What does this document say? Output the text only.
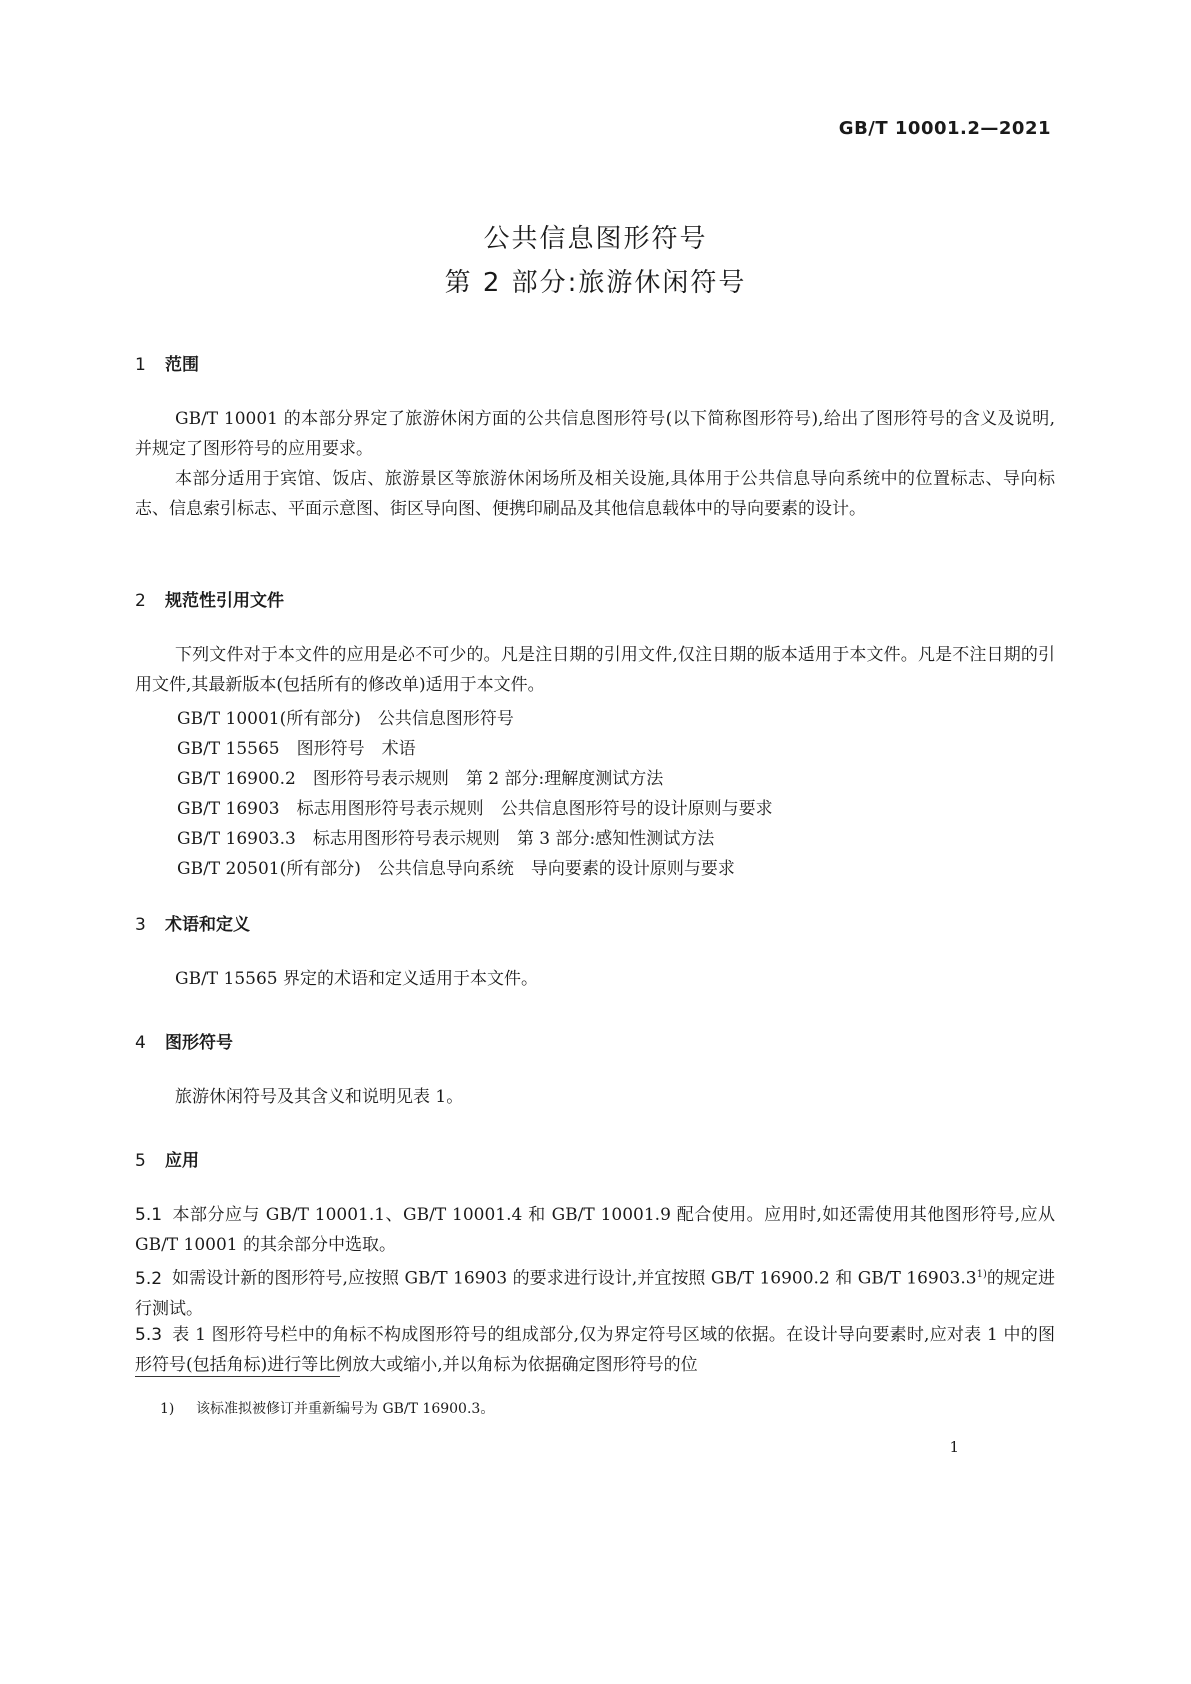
GB/T 10001.2—2021
公共信息图形符号
第 2 部分:旅游休闲符号
1 范围
GB/T 10001 的本部分界定了旅游休闲方面的公共信息图形符号(以下简称图形符号),给出了图形符号的含义及说明,并规定了图形符号的应用要求。
本部分适用于宾馆、饭店、旅游景区等旅游休闲场所及相关设施,具体用于公共信息导向系统中的位置标志、导向标志、信息索引标志、平面示意图、街区导向图、便携印刷品及其他信息载体中的导向要素的设计。
2 规范性引用文件
下列文件对于本文件的应用是必不可少的。凡是注日期的引用文件,仅注日期的版本适用于本文件。凡是不注日期的引用文件,其最新版本(包括所有的修改单)适用于本文件。
GB/T 10001(所有部分)　公共信息图形符号
GB/T 15565　图形符号　术语
GB/T 16900.2　图形符号表示规则　第 2 部分:理解度测试方法
GB/T 16903　标志用图形符号表示规则　公共信息图形符号的设计原则与要求
GB/T 16903.3　标志用图形符号表示规则　第 3 部分:感知性测试方法
GB/T 20501(所有部分)　公共信息导向系统　导向要素的设计原则与要求
3 术语和定义
GB/T 15565 界定的术语和定义适用于本文件。
4 图形符号
旅游休闲符号及其含义和说明见表 1。
5 应用
5.1 本部分应与 GB/T 10001.1、GB/T 10001.4 和 GB/T 10001.9 配合使用。应用时,如还需使用其他图形符号,应从 GB/T 10001 的其余部分中选取。
5.2 如需设计新的图形符号,应按照 GB/T 16903 的要求进行设计,并宜按照 GB/T 16900.2 和 GB/T 16903.3$^{1)}$的规定进行测试。
5.3 表 1 图形符号栏中的角标不构成图形符号的组成部分,仅为界定符号区域的依据。在设计导向要素时,应对表 1 中的图形符号(包括角标)进行等比例放大或缩小,并以角标为依据确定图形符号的位
1) 该标准拟被修订并重新编号为 GB/T 16900.3。
1
